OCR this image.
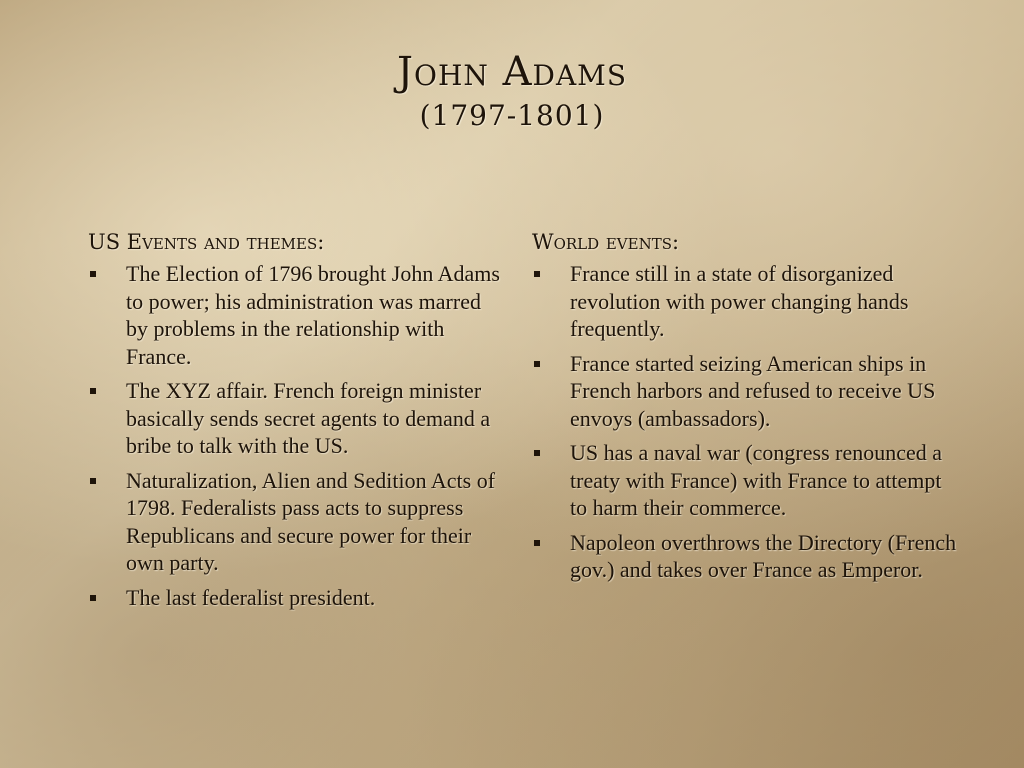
John Adams
(1797-1801)
US Events and themes:
The Election of 1796 brought John Adams to power; his administration was marred by problems in the relationship with France.
The XYZ affair. French foreign minister basically sends secret agents to demand a bribe to talk with the US.
Naturalization, Alien and Sedition Acts of 1798. Federalists pass acts to suppress Republicans and secure power for their own party.
The last federalist president.
World events:
France still in a state of disorganized revolution with power changing hands frequently.
France started seizing American ships in French harbors and refused to receive US envoys (ambassadors).
US has a naval war (congress renounced a treaty with France) with France to attempt to harm their commerce.
Napoleon overthrows the Directory (French gov.) and takes over France as Emperor.
